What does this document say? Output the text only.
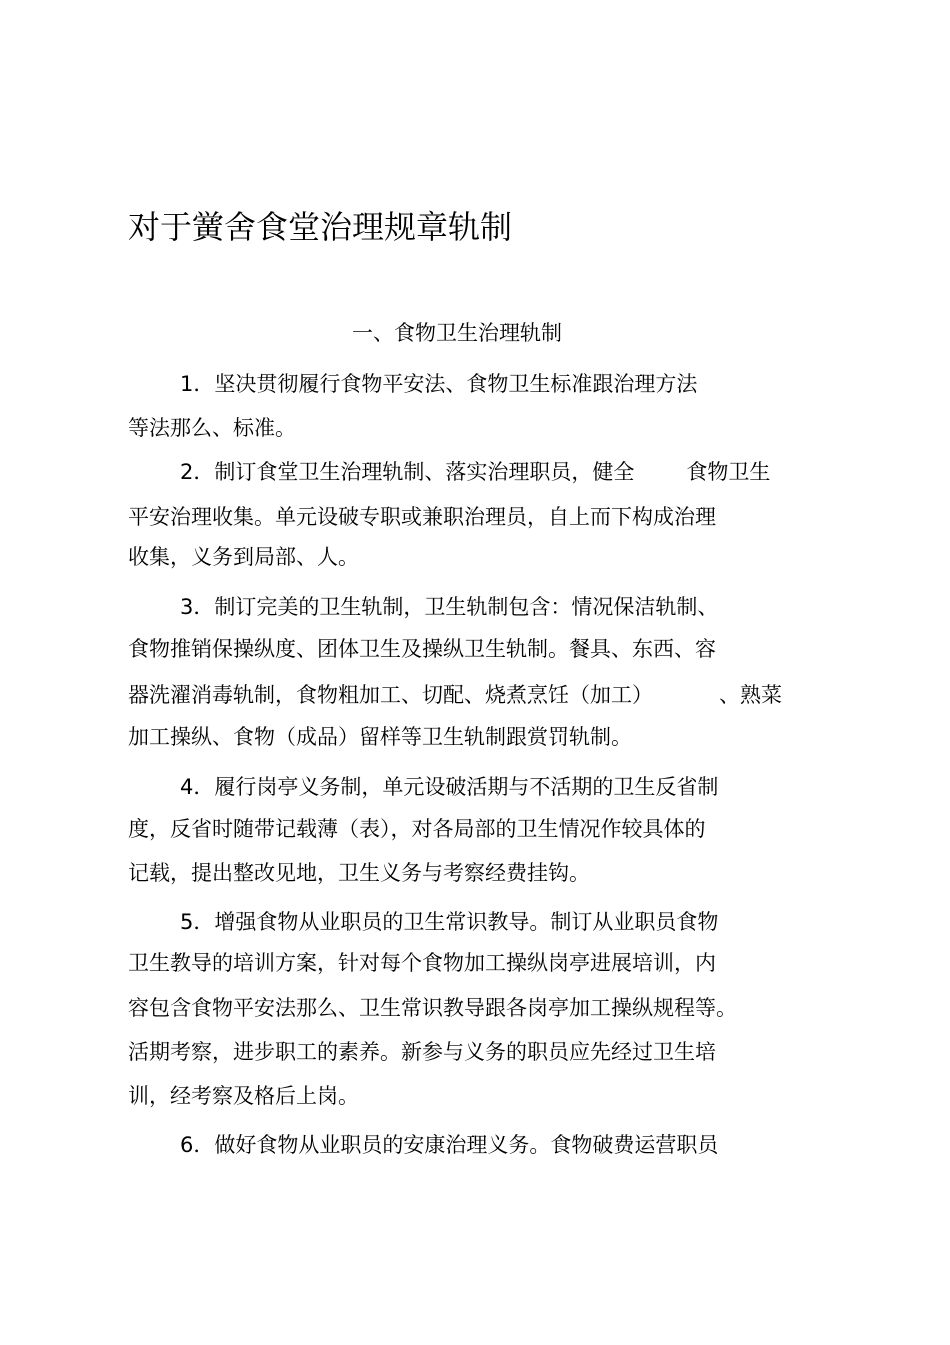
对于黉舍食堂治理规章轨制
一、食物卫生治理轨制
1．坚决贯彻履行食物平安法、食物卫生标准跟治理方法
等法那么、标准。
2．制订食堂卫生治理轨制、落实治理职员，健全 食物卫生
平安治理收集。单元设破专职或兼职治理员，自上而下构成治理
收集，义务到局部、人。
3．制订完美的卫生轨制，卫生轨制包含：情况保洁轨制、
食物推销保操纵度、团体卫生及操纵卫生轨制。餐具、东西、容
器洗濯消毒轨制，食物粗加工、切配、烧煮烹饪（加工）	、熟菜
加工操纵、食物（成品）留样等卫生轨制跟赏罚轨制。
4．履行岗亭义务制，单元设破活期与不活期的卫生反省制
度，反省时随带记载薄（表），对各局部的卫生情况作较具体的
记载，提出整改见地，卫生义务与考察经费挂钩。
5．增强食物从业职员的卫生常识教导。制订从业职员食物
卫生教导的培训方案，针对每个食物加工操纵岗亭进展培训，内
容包含食物平安法那么、卫生常识教导跟各岗亭加工操纵规程等。
活期考察，进步职工的素养。新参与义务的职员应先经过卫生培
训，经考察及格后上岗。
6．做好食物从业职员的安康治理义务。食物破费运营职员
